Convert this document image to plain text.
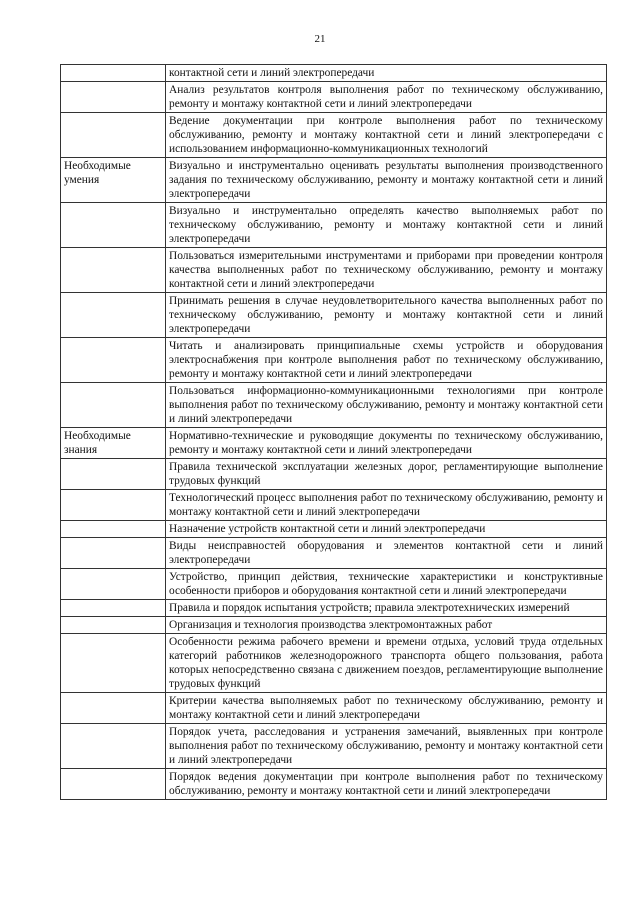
21
	контактной сети и линий электропередачи
	Анализ результатов контроля выполнения работ по техническому обслуживанию, ремонту и монтажу контактной сети и линий электропередачи
	Ведение документации при контроле выполнения работ по техническому обслуживанию, ремонту и монтажу контактной сети и линий электропередачи с использованием информационно-коммуникационных технологий
Необходимые умения	Визуально и инструментально оценивать результаты выполнения производственного задания по техническому обслуживанию, ремонту и монтажу контактной сети и линий электропередачи
	Визуально и инструментально определять качество выполняемых работ по техническому обслуживанию, ремонту и монтажу контактной сети и линий электропередачи
	Пользоваться измерительными инструментами и приборами при проведении контроля качества выполненных работ по техническому обслуживанию, ремонту и монтажу контактной сети и линий электропередачи
	Принимать решения в случае неудовлетворительного качества выполненных работ по техническому обслуживанию, ремонту и монтажу контактной сети и линий электропередачи
	Читать и анализировать принципиальные схемы устройств и оборудования электроснабжения при контроле выполнения работ по техническому обслуживанию, ремонту и монтажу контактной сети и линий электропередачи
	Пользоваться информационно-коммуникационными технологиями при контроле выполнения работ по техническому обслуживанию, ремонту и монтажу контактной сети и линий электропередачи
Необходимые знания	Нормативно-технические и руководящие документы по техническому обслуживанию, ремонту и монтажу контактной сети и линий электропередачи
	Правила технической эксплуатации железных дорог, регламентирующие выполнение трудовых функций
	Технологический процесс выполнения работ по техническому обслуживанию, ремонту и монтажу контактной сети и линий электропередачи
	Назначение устройств контактной сети и линий электропередачи
	Виды неисправностей оборудования и элементов контактной сети и линий электропередачи
	Устройство, принцип действия, технические характеристики и конструктивные особенности приборов и оборудования контактной сети и линий электропередачи
	Правила и порядок испытания устройств; правила электротехнических измерений
	Организация и технология производства электромонтажных работ
	Особенности режима рабочего времени и времени отдыха, условий труда отдельных категорий работников железнодорожного транспорта общего пользования, работа которых непосредственно связана с движением поездов, регламентирующие выполнение трудовых функций
	Критерии качества выполняемых работ по техническому обслуживанию, ремонту и монтажу контактной сети и линий электропередачи
	Порядок учета, расследования и устранения замечаний, выявленных при контроле выполнения работ по техническому обслуживанию, ремонту и монтажу контактной сети и линий электропередачи
	Порядок ведения документации при контроле выполнения работ по техническому обслуживанию, ремонту и монтажу контактной сети и линий электропередачи
